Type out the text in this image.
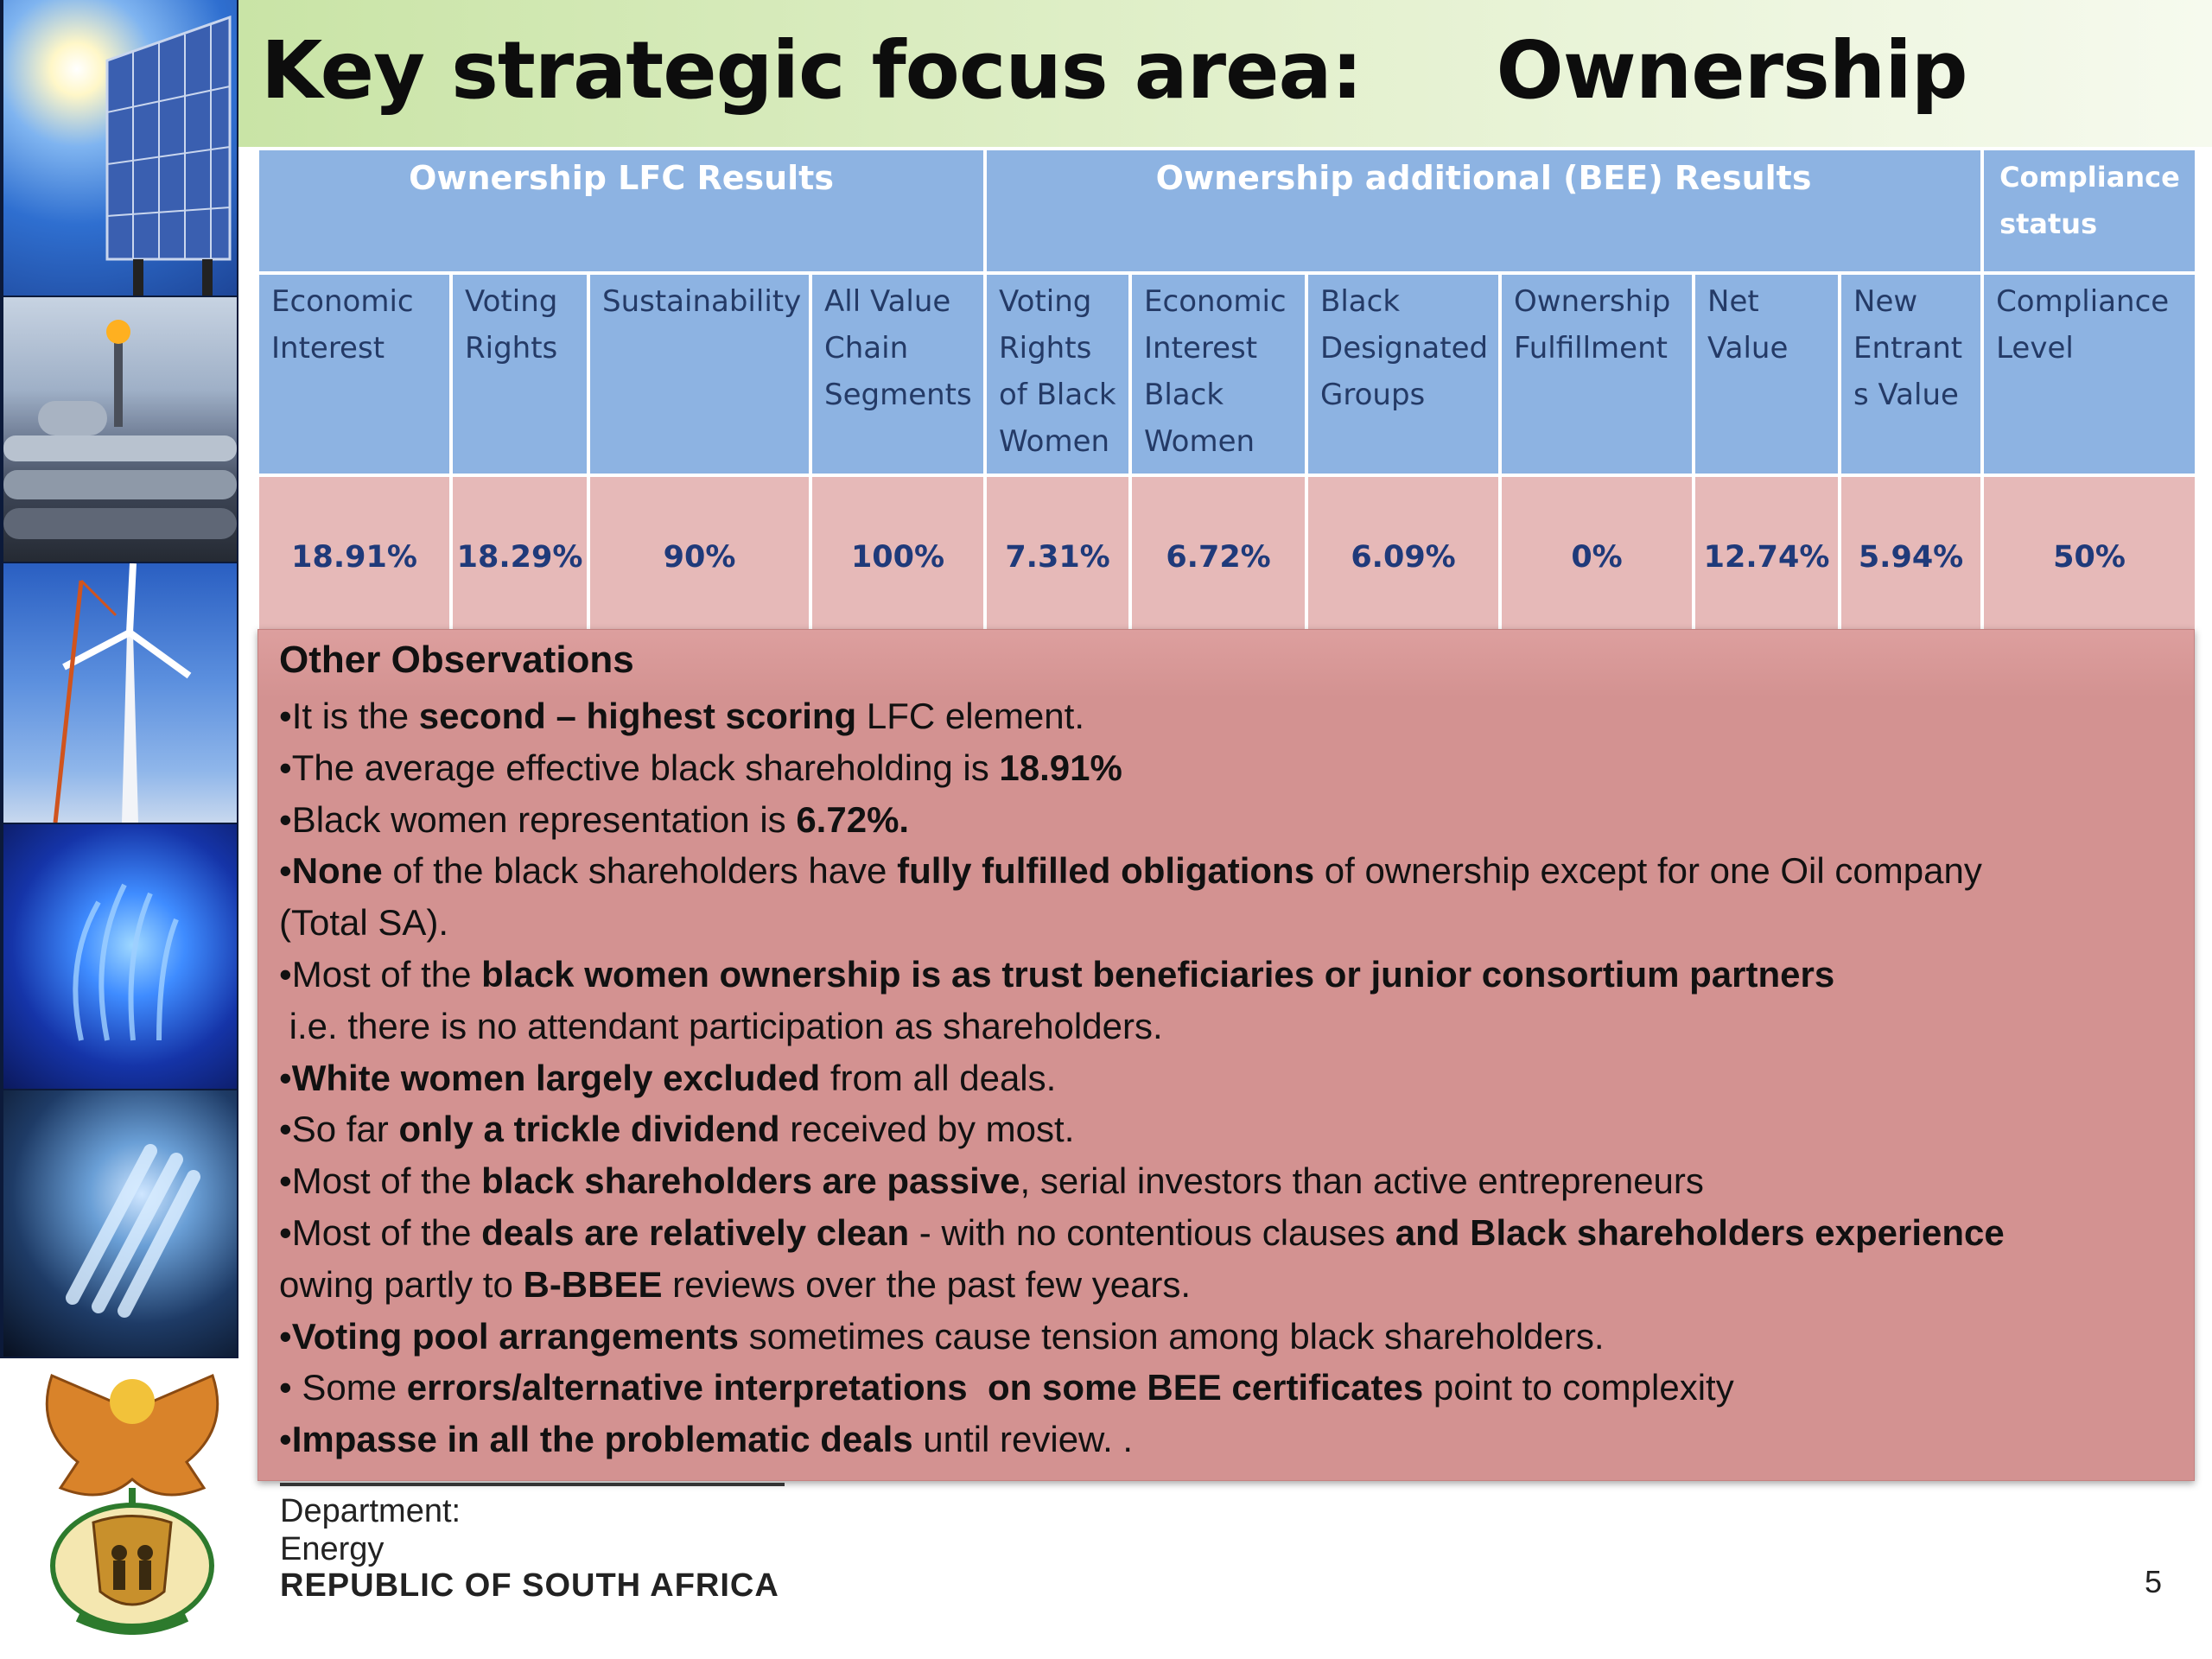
Key strategic focus area:     Ownership
Ownership LFC Results				Ownership additional (BEE) Results						Compliance status
Economic Interest	Voting Rights	Sustainability	All Value Chain Segments	Voting Rights of Black Women	Economic Interest Black Women	Black Designated Groups	Ownership Fulfillment	Net Value	New Entrants Value	Compliance Level
18.91%	18.29%	90%	100%	7.31%	6.72%	6.09%	0%	12.74%	5.94%	50%
Other Observations
•It is the second – highest scoring LFC element.
•The average effective black shareholding is 18.91%
•Black women representation is 6.72%.
•None of the black shareholders have fully fulfilled obligations of ownership except for one Oil company
(Total SA).
•Most of the black women ownership is as trust beneficiaries or junior consortium partners
i.e. there is no attendant participation as shareholders.
•White women largely excluded from all deals.
•So far only a trickle dividend received by most.
•Most of the black shareholders are passive, serial investors than active entrepreneurs
•Most of the deals are relatively clean - with no contentious clauses and Black shareholders experience
owing partly to B-BBEE reviews over the past few years.
•Voting pool arrangements sometimes cause tension among black shareholders.
• Some errors/alternative interpretations  on some BEE certificates point to complexity
•Impasse in all the problematic deals until review. .
Department:
Energy
REPUBLIC OF SOUTH AFRICA	5
